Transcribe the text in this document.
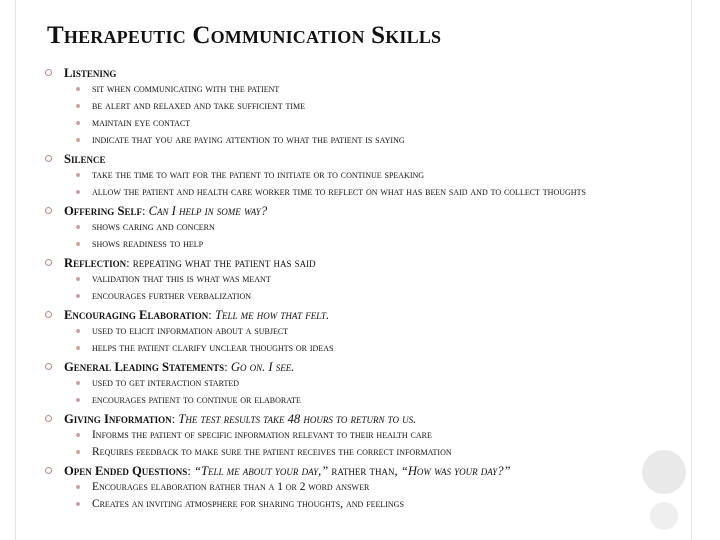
Therapeutic Communication Skills
Listening
sit when communicating with the patient
be alert and relaxed and take sufficient time
maintain eye contact
indicate that you are paying attention to what the patient is saying
Silence
take the time to wait for the patient to initiate or to continue speaking
allow the patient and health care worker time to reflect on what has been said and to collect thoughts
Offering Self: Can I help in some way?
shows caring and concern
shows readiness to help
Reflection: repeating what the patient has said
validation that this is what was meant
encourages further verbalization
Encouraging Elaboration: Tell me how that felt.
used to elicit information about a subject
helps the patient clarify unclear thoughts or ideas
General Leading Statements: Go on. I see.
used to get interaction started
encourages patient to continue or elaborate
Giving Information: The test results take 48 hours to return to us.
Informs the patient of specific information relevant to their health care
Requires feedback to make sure the patient receives the correct information
Open Ended Questions: “Tell me about your day,” rather than, “How was your day?”
Encourages elaboration rather than a 1 or 2 word answer
Creates an inviting atmosphere for sharing thoughts, and feelings
